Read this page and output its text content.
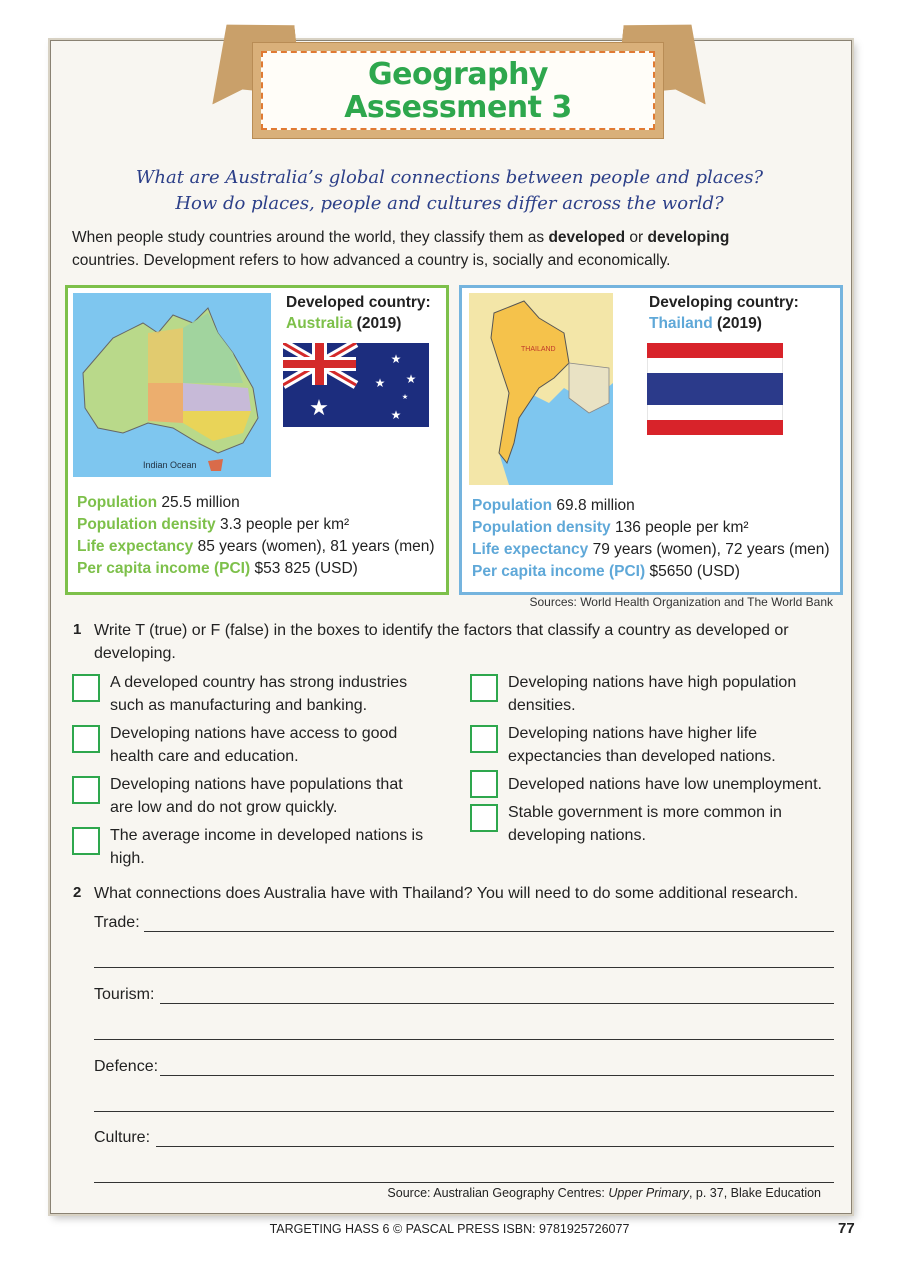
Geography
Assessment 3
What are Australia’s global connections between people and places?
How do places, people and cultures differ across the world?
When people study countries around the world, they classify them as developed or developing countries. Development refers to how advanced a country is, socially and economically.
Indian Ocean
Developed country:
Australia (2019)
★
★
★ ★
★
★
Population 25.5 million
Population density 3.3 people per km²
Life expectancy 85 years (women), 81 years (men)
Per capita income (PCI) $53 825 (USD)
THAILAND
Developing country:
Thailand (2019)
Population 69.8 million
Population density 136 people per km²
Life expectancy 79 years (women), 72 years (men)
Per capita income (PCI) $5650 (USD)
Sources: World Health Organization and The World Bank
1 Write T (true) or F (false) in the boxes to identify the factors that classify a country as developed or developing.
A developed country has strong industries such as manufacturing and banking.
Developing nations have access to good health care and education.
Developing nations have populations that are low and do not grow quickly.
The average income in developed nations is high.
Developing nations have high population densities.
Developing nations have higher life expectancies than developed nations.
Developed nations have low unemployment.
Stable government is more common in developing nations.
2 What connections does Australia have with Thailand? You will need to do some additional research.
Trade:
Tourism:
Defence:
Culture:
Source: Australian Geography Centres: Upper Primary, p. 37, Blake Education
TARGETING HASS 6 © PASCAL PRESS ISBN: 9781925726077	77
